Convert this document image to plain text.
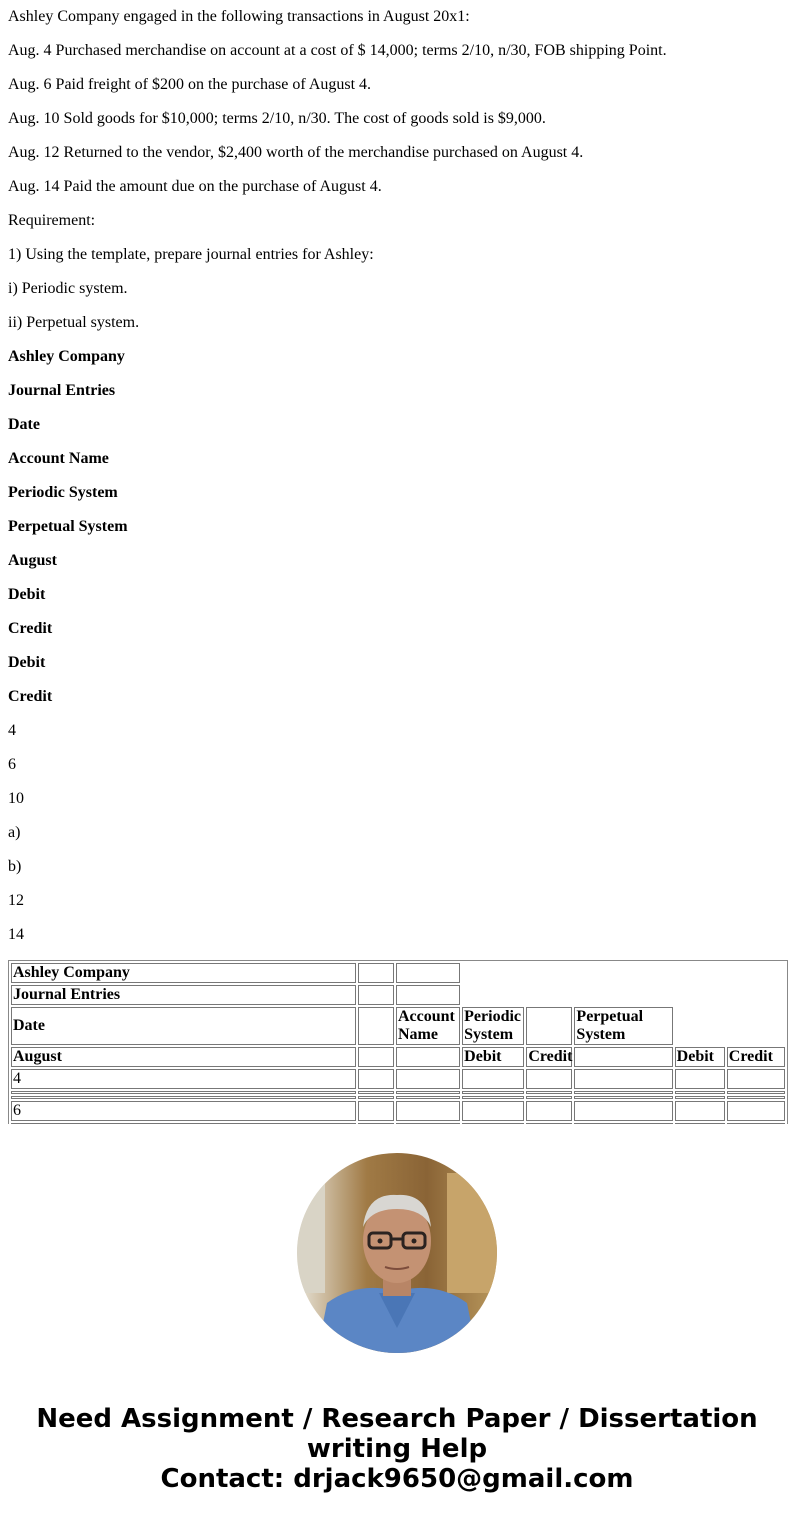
Ashley Company engaged in the following transactions in August 20x1:

Aug. 4 Purchased merchandise on account at a cost of $ 14,000; terms 2/10, n/30, FOB shipping Point.

Aug. 6 Paid freight of $200 on the purchase of August 4.

Aug. 10 Sold goods for $10,000; terms 2/10, n/30. The cost of goods sold is $9,000.

Aug. 12 Returned to the vendor, $2,400 worth of the merchandise purchased on August 4.

Aug. 14 Paid the amount due on the purchase of August 4.

Requirement:

1) Using the template, prepare journal entries for Ashley:

i) Periodic system.

ii) Perpetual system.

Ashley Company

Journal Entries

Date

Account Name

Periodic System

Perpetual System

August

Debit

Credit

Debit

Credit

4

6

10

a)

b)

12

14

Ashley Company							
Journal Entries							
Date		Account Name	Periodic System		Perpetual System		
August			Debit	Credit		Debit	Credit
4							

6							

Need Assignment / Research Paper / Dissertation
writing Help
Contact: drjack9650@gmail.com
